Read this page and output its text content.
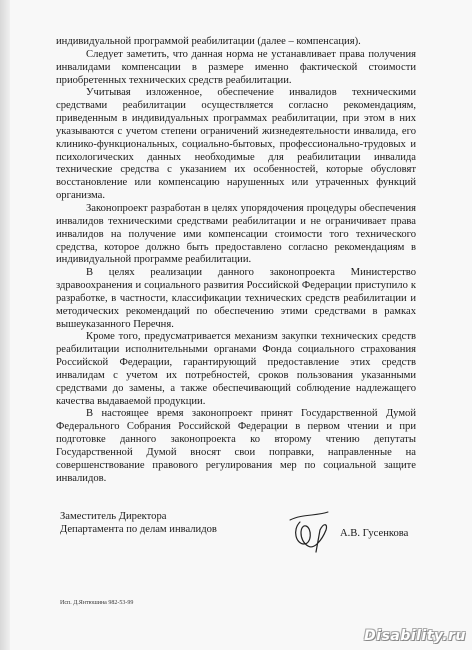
индивидуальной программой реабилитации (далее – компенсация).

Следует заметить, что данная норма не устанавливает права получения инвалидами компенсации в размере именно фактической стоимости приобретенных технических средств реабилитации.

Учитывая изложенное, обеспечение инвалидов техническими средствами реабилитации осуществляется согласно рекомендациям, приведенным в индивидуальных программах реабилитации, при этом в них указываются с учетом степени ограничений жизнедеятельности инвалида, его клинико-функциональных, социально-бытовых, профессионально-трудовых и психологических данных необходимые для реабилитации инвалида технические средства с указанием их особенностей, которые обусловят восстановление или компенсацию нарушенных или утраченных функций организма.

Законопроект разработан в целях упорядочения процедуры обеспечения инвалидов техническими средствами реабилитации и не ограничивает права инвалидов на получение ими компенсации стоимости того технического средства, которое должно быть предоставлено согласно рекомендациям в индивидуальной программе реабилитации.

В целях реализации данного законопроекта Министерство здравоохранения и социального развития Российской Федерации приступило к разработке, в частности, классификации технических средств реабилитации и методических рекомендаций по обеспечению этими средствами в рамках вышеуказанного Перечня.

Кроме того, предусматривается механизм закупки технических средств реабилитации исполнительными органами Фонда социального страхования Российской Федерации, гарантирующий предоставление этих средств инвалидам с учетом их потребностей, сроков пользования указанными средствами до замены, а также обеспечивающий соблюдение надлежащего качества выдаваемой продукции.

В настоящее время законопроект принят Государственной Думой Федерального Собрания Российской Федерации в первом чтении и при подготовке данного законопроекта ко второму чтению депутаты Государственной Думой вносят свои поправки, направленные на совершенствование правового регулирования мер по социальной защите инвалидов.

Заместитель Директора
Департамента по делам инвалидов	А.В. Гусенкова
Исп. Д.Янтюшина 982-53-99
Disability.ru
